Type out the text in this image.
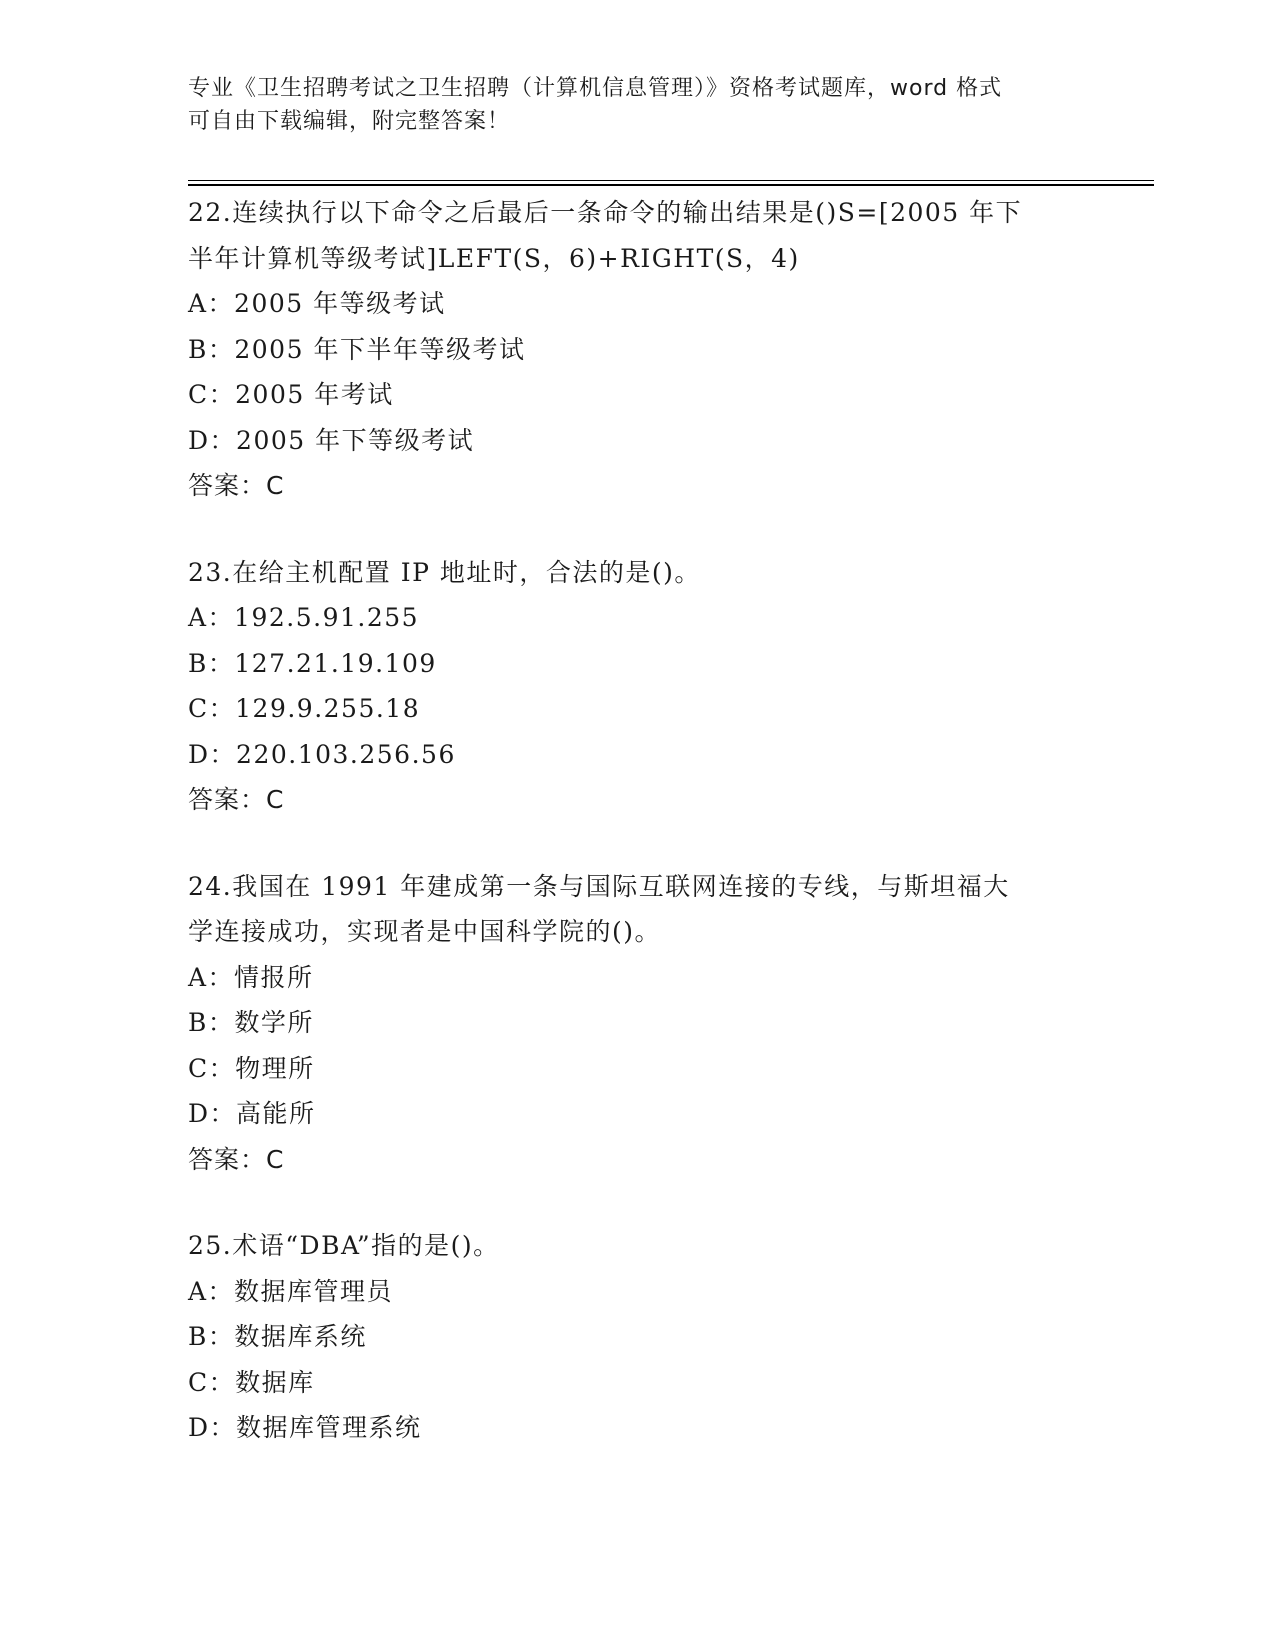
专业《卫生招聘考试之卫生招聘（计算机信息管理）》资格考试题库，word 格式
可自由下载编辑，附完整答案！
22.连续执行以下命令之后最后一条命令的输出结果是()S=[2005 年下
半年计算机等级考试]LEFT(S，6)+RIGHT(S，4)
A：2005 年等级考试
B：2005 年下半年等级考试
C：2005 年考试
D：2005 年下等级考试
答案：C
23.在给主机配置 IP 地址时，合法的是()。
A：192.5.91.255
B：127.21.19.109
C：129.9.255.18
D：220.103.256.56
答案：C
24.我国在 1991 年建成第一条与国际互联网连接的专线，与斯坦福大
学连接成功，实现者是中国科学院的()。
A：情报所
B：数学所
C：物理所
D：高能所
答案：C
25.术语“DBA”指的是()。
A：数据库管理员
B：数据库系统
C：数据库
D：数据库管理系统
